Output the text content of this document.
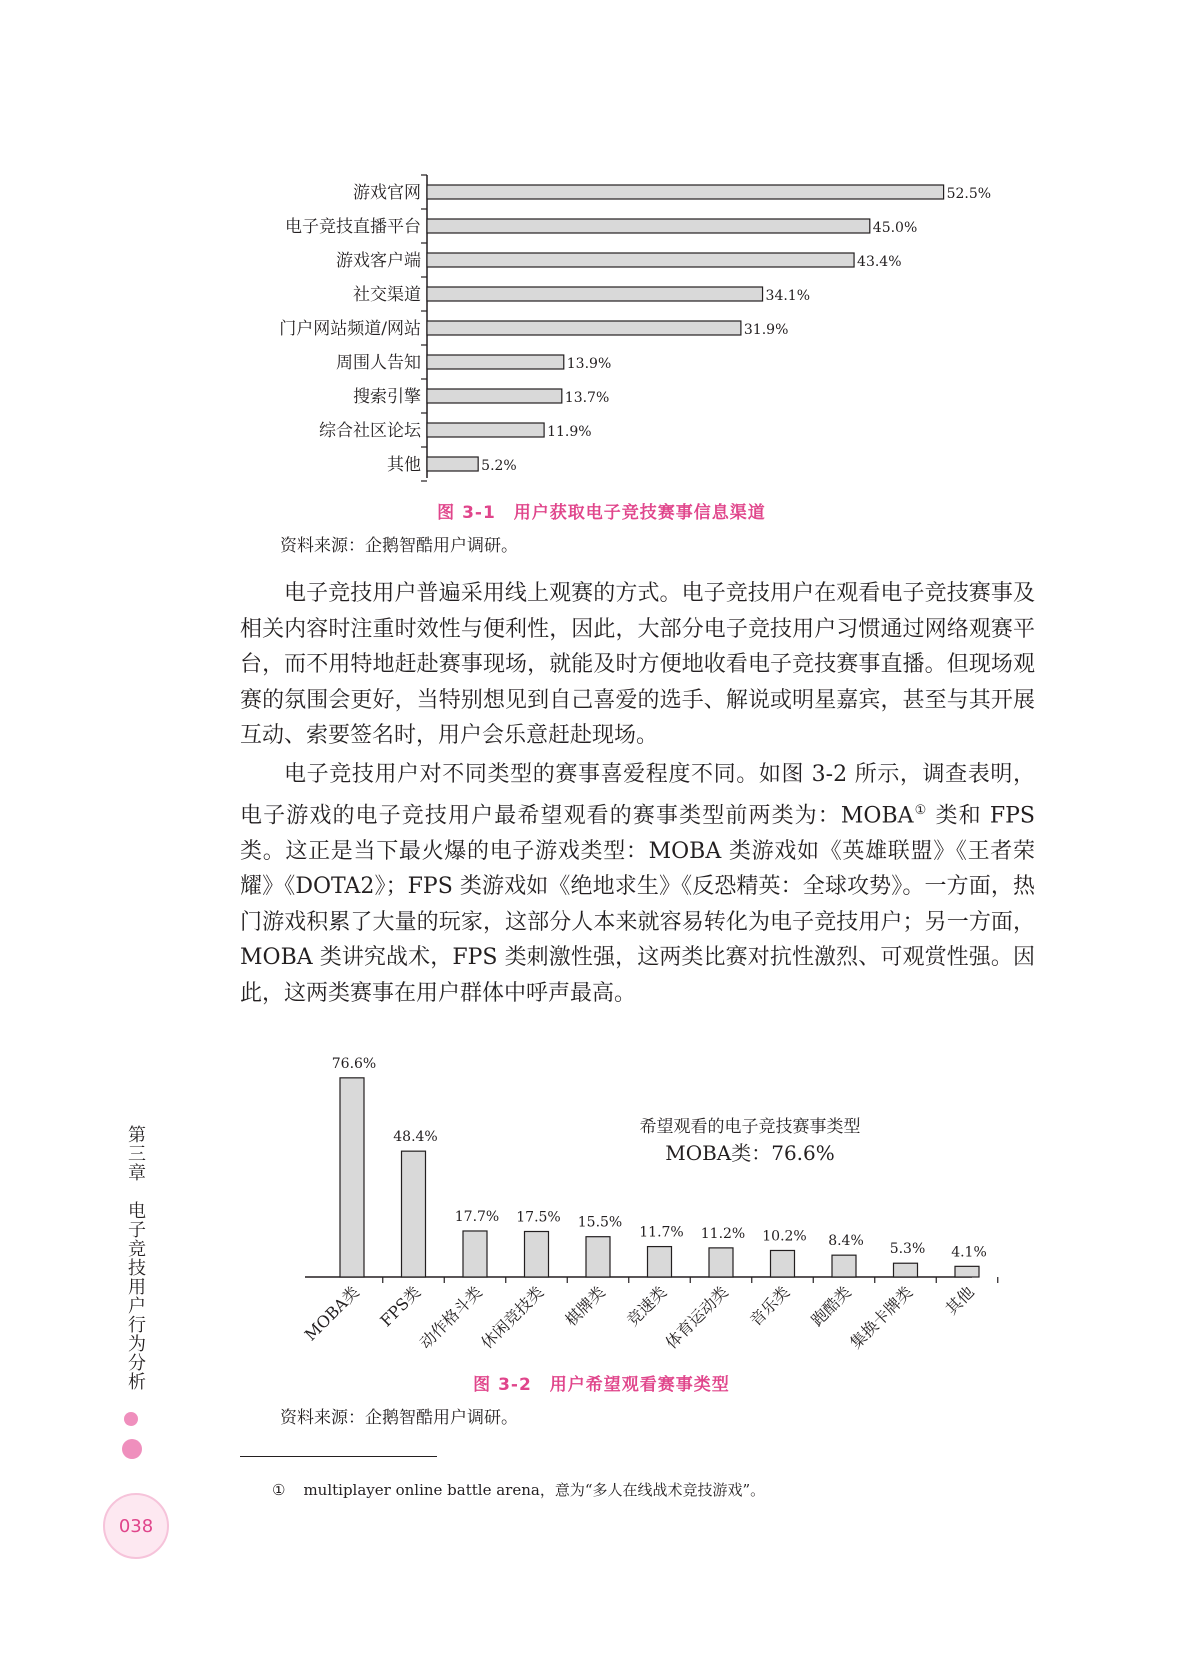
游戏官网
电子竞技直播平台
游戏客户端
社交渠道
门户网站频道/网站
周围人告知
搜索引擎
综合社区论坛
其他
52.5%
45.0%
43.4%
34.1%
31.9%
13.9%
13.7%
11.9%
5.2%
图 3-1　用户获取电子竞技赛事信息渠道
资料来源：企鹅智酷用户调研。

电子竞技用户普遍采用线上观赛的方式。电子竞技用户在观看电子竞技赛事及相关内容时注重时效性与便利性，因此，大部分电子竞技用户习惯通过网络观赛平台，而不用特地赶赴赛事现场，就能及时方便地收看电子竞技赛事直播。但现场观赛的氛围会更好，当特别想见到自己喜爱的选手、解说或明星嘉宾，甚至与其开展互动、索要签名时，用户会乐意赶赴现场。

电子竞技用户对不同类型的赛事喜爱程度不同。如图 3-2 所示，调查表明，电子游戏的电子竞技用户最希望观看的赛事类型前两类为：MOBA① 类和 FPS 类。这正是当下最火爆的电子游戏类型：MOBA 类游戏如《英雄联盟》《王者荣耀》《DOTA2》；FPS 类游戏如《绝地求生》《反恐精英：全球攻势》。一方面，热门游戏积累了大量的玩家，这部分人本来就容易转化为电子竞技用户；另一方面，MOBA 类讲究战术，FPS 类刺激性强，这两类比赛对抗性激烈、可观赏性强。因此，这两类赛事在用户群体中呼声最高。

76.6%
48.4%
17.7% 17.5% 15.5%
11.7% 11.2% 10.2% 8.4%
5.3% 4.1%
MOBA类 FPS类
动作格斗类
休闲竞技类 棋牌类 竞速类
体育运动类 音乐类 跑酷类
集换卡牌类 其他
希望观看的电子竞技赛事类型
MOBA类：76.6%
图 3-2　用户希望观看赛事类型
资料来源：企鹅智酷用户调研。
第三章　电子竞技用户行为分析
038
① multiplayer online battle arena，意为“多人在线战术竞技游戏”。
